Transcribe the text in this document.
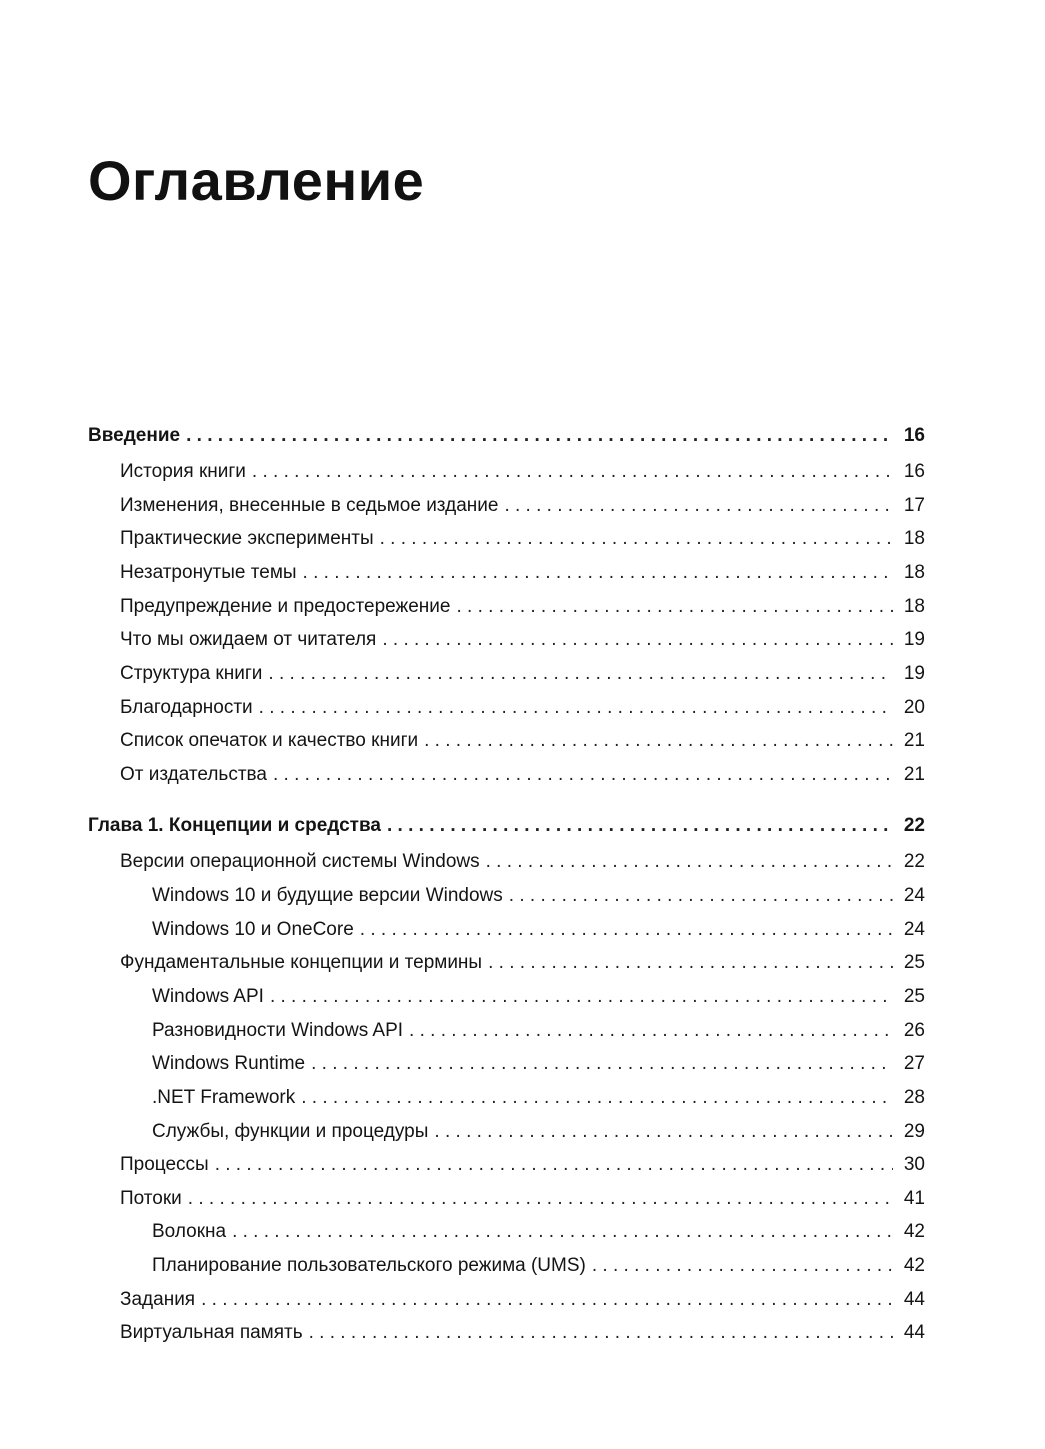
Оглавление
Введение . . .	16
История книги . . .	16
Изменения, внесенные в седьмое издание . . .	17
Практические эксперименты . . .	18
Незатронутые темы . . .	18
Предупреждение и предостережение . . .	18
Что мы ожидаем от читателя . . .	19
Структура книги . . .	19
Благодарности . . .	20
Список опечаток и качество книги . . .	21
От издательства . . .	21
Глава 1. Концепции и средства . . .	22
Версии операционной системы Windows . . .	22
Windows 10 и будущие версии Windows . . .	24
Windows 10 и OneCore . . .	24
Фундаментальные концепции и термины . . .	25
Windows API . . .	25
Разновидности Windows API . . .	26
Windows Runtime . . .	27
.NET Framework . . .	28
Службы, функции и процедуры . . .	29
Процессы . . .	30
Потоки . . .	41
Волокна . . .	42
Планирование пользовательского режима (UMS) . . .	42
Задания . . .	44
Виртуальная память . . .	44
